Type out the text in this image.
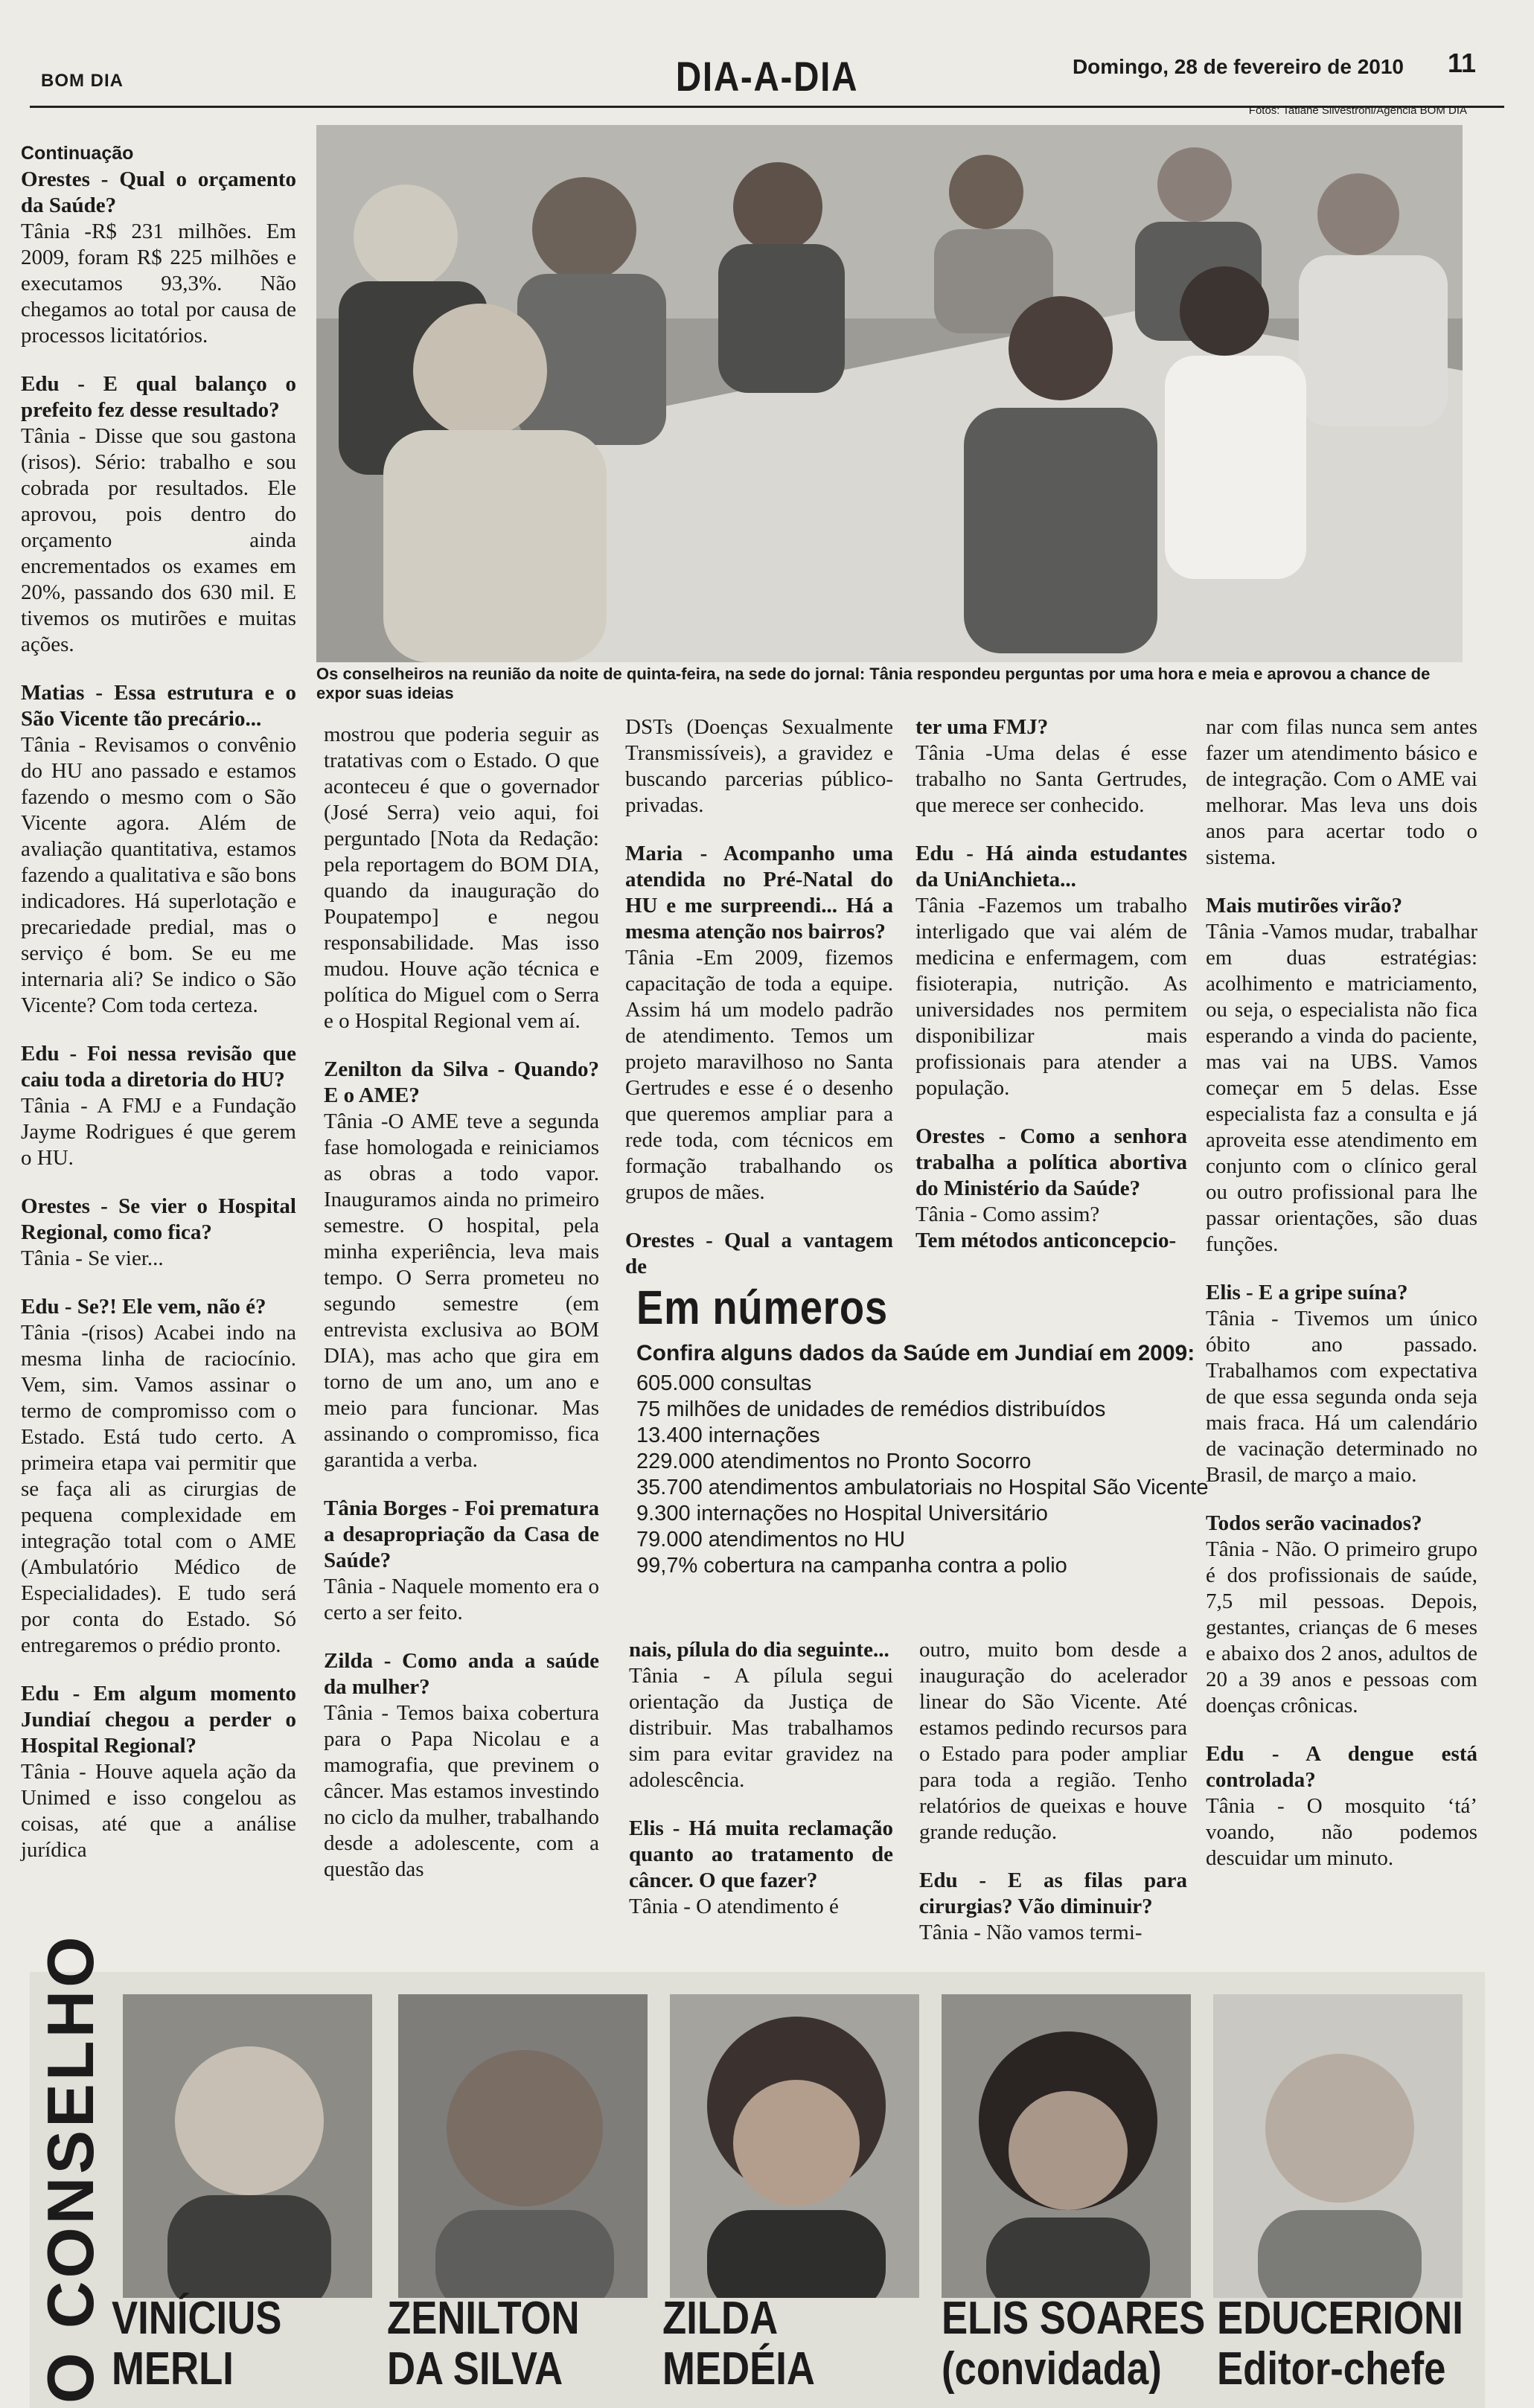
BOM DIA	DIA-A-DIA	Domingo, 28 de fevereiro de 2010 11
Fotos: Tatiane Silvestroni/Agência BOM DIA
Os conselheiros na reunião da noite de quinta-feira, na sede do jornal: Tânia respondeu perguntas por uma hora e meia e aprovou a chance de expor suas ideias

Continuação

Orestes - Qual o orçamento da Saúde?
Tânia -R$ 231 milhões. Em 2009, foram R$ 225 milhões e executamos 93,3%. Não chegamos ao total por causa de processos licitatórios.

Edu - E qual balanço o prefeito fez desse resultado?
Tânia - Disse que sou gastona (risos). Sério: trabalho e sou cobrada por resultados. Ele aprovou, pois dentro do orçamento ainda encrementados os exames em 20%, passando dos 630 mil. E tivemos os mutirões e muitas ações.

Matias - Essa estrutura e o São Vicente tão precário...
Tânia - Revisamos o convênio do HU ano passado e estamos fazendo o mesmo com o São Vicente agora. Além de avaliação quantitativa, estamos fazendo a qualitativa e são bons indicadores. Há superlotação e precariedade predial, mas o serviço é bom. Se eu me internaria ali? Se indico o São Vicente? Com toda certeza.

Edu - Foi nessa revisão que caiu toda a diretoria do HU?
Tânia - A FMJ e a Fundação Jayme Rodrigues é que gerem o HU.

Orestes - Se vier o Hospital Regional, como fica?
Tânia - Se vier...

Edu - Se?! Ele vem, não é?
Tânia -(risos) Acabei indo na mesma linha de raciocínio. Vem, sim. Vamos assinar o termo de compromisso com o Estado. Está tudo certo. A primeira etapa vai permitir que se faça ali as cirurgias de pequena complexidade em integração total com o AME (Ambulatório Médico de Especialidades). E tudo será por conta do Estado. Só entregaremos o prédio pronto.

Edu - Em algum momento Jundiaí chegou a perder o Hospital Regional?
Tânia - Houve aquela ação da Unimed e isso congelou as coisas, até que a análise jurídica

mostrou que poderia seguir as tratativas com o Estado. O que aconteceu é que o governador (José Serra) veio aqui, foi perguntado [Nota da Redação: pela reportagem do BOM DIA, quando da inauguração do Poupatempo] e negou responsabilidade. Mas isso mudou. Houve ação técnica e política do Miguel com o Serra e o Hospital Regional vem aí.

Zenilton da Silva - Quando? E o AME?
Tânia -O AME teve a segunda fase homologada e reiniciamos as obras a todo vapor. Inauguramos ainda no primeiro semestre. O hospital, pela minha experiência, leva mais tempo. O Serra prometeu no segundo semestre (em entrevista exclusiva ao BOM DIA), mas acho que gira em torno de um ano, um ano e meio para funcionar. Mas assinando o compromisso, fica garantida a verba.

Tânia Borges - Foi prematura a desapropriação da Casa de Saúde?
Tânia - Naquele momento era o certo a ser feito.

Zilda - Como anda a saúde da mulher?
Tânia - Temos baixa cobertura para o Papa Nicolau e a mamografia, que previnem o câncer. Mas estamos investindo no ciclo da mulher, trabalhando desde a adolescente, com a questão das

DSTs (Doenças Sexualmente Transmissíveis), a gravidez e buscando parcerias público-privadas.

Maria - Acompanho uma atendida no Pré-Natal do HU e me surpreendi... Há a mesma atenção nos bairros?
Tânia -Em 2009, fizemos capacitação de toda a equipe. Assim há um modelo padrão de atendimento. Temos um projeto maravilhoso no Santa Gertrudes e esse é o desenho que queremos ampliar para a rede toda, com técnicos em formação trabalhando os grupos de mães.

Orestes - Qual a vantagem de

ter uma FMJ?
Tânia -Uma delas é esse trabalho no Santa Gertrudes, que merece ser conhecido.

Edu - Há ainda estudantes da UniAnchieta...
Tânia -Fazemos um trabalho interligado que vai além de medicina e enfermagem, com fisioterapia, nutrição. As universidades nos permitem disponibilizar mais profissionais para atender a população.

Orestes - Como a senhora trabalha a política abortiva do Ministério da Saúde?
Tânia - Como assim?
Tem métodos anticoncepcio-

nar com filas nunca sem antes fazer um atendimento básico e de integração. Com o AME vai melhorar. Mas leva uns dois anos para acertar todo o sistema.

Mais mutirões virão?
Tânia -Vamos mudar, trabalhar em duas estratégias: acolhimento e matriciamento, ou seja, o especialista não fica esperando a vinda do paciente, mas vai na UBS. Vamos começar em 5 delas. Esse especialista faz a consulta e já aproveita esse atendimento em conjunto com o clínico geral ou outro profissional para lhe passar orientações, são duas funções.

Elis - E a gripe suína?
Tânia - Tivemos um único óbito ano passado. Trabalhamos com expectativa de que essa segunda onda seja mais fraca. Há um calendário de vacinação determinado no Brasil, de março a maio.

Todos serão vacinados?
Tânia - Não. O primeiro grupo é dos profissionais de saúde, 7,5 mil pessoas. Depois, gestantes, crianças de 6 meses e abaixo dos 2 anos, adultos de 20 a 39 anos e pessoas com doenças crônicas.

Edu - A dengue está controlada?
Tânia - O mosquito ‘tá’ voando, não podemos descuidar um minuto.

Em números
Confira alguns dados da Saúde em Jundiaí em 2009:
605.000 consultas
75 milhões de unidades de remédios distribuídos
13.400 internações
229.000 atendimentos no Pronto Socorro
35.700 atendimentos ambulatoriais no Hospital São Vicente
9.300 internações no Hospital Universitário
79.000 atendimentos no HU
99,7% cobertura na campanha contra a polio

nais, pílula do dia seguinte...
Tânia - A pílula segui orientação da Justiça de distribuir. Mas trabalhamos sim para evitar gravidez na adolescência.

Elis - Há muita reclamação quanto ao tratamento de câncer. O que fazer?
Tânia - O atendimento é

outro, muito bom desde a inauguração do acelerador linear do São Vicente. Até estamos pedindo recursos para o Estado para poder ampliar para toda a região. Tenho relatórios de queixas e houve grande redução.

Edu - E as filas para cirurgias? Vão diminuir?
Tânia - Não vamos termi-

O CONSELHO VINÍCIUS
MERLI
ZENILTON
DA SILVA
ZILDA
MEDÉIA
ELIS SOARES
(convidada)
EDUCERIONI
Editor-chefe
